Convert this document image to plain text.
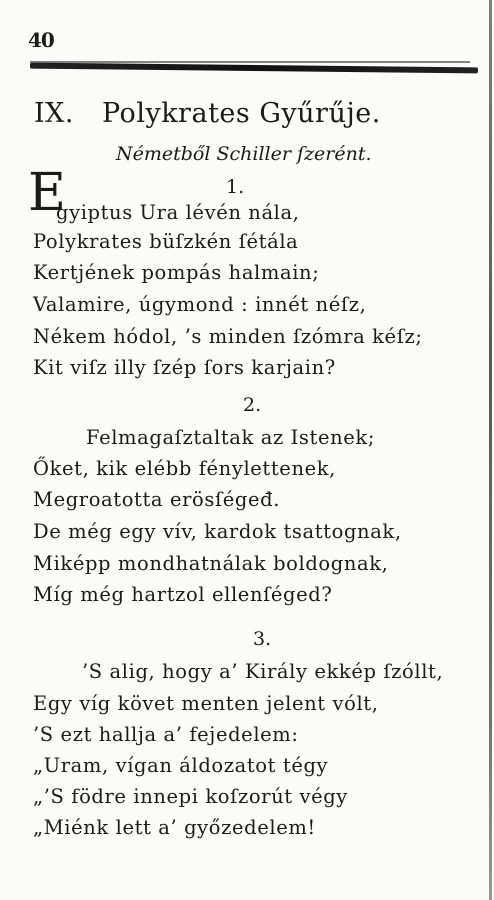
40
IX. Polykrates Gyűrűje.
Németből Schiller ſzerént.
1.
E
gyiptus Ura lévén nála,
Polykrates büſzkén ſétála
Kertjének pompás halmain;
Valamire, úgymond : innét néſz,
Nékem hódol, ’s minden ſzómra kéſz;
Kit viſz illy ſzép ſors karjain?
2.
Felmagaſztaltak az Istenek;
Őket, kik elébb fénylettenek,
Megroatotta erösſégeđ.
De még egy vív, kardok tsattognak,
Miképp mondhatnálak boldognak,
Míg még hartzol ellenſéged?
3.
’S alig, hogy a’ Király ekkép ſzóllt,
Egy víg követ menten jelent vólt,
’S ezt hallja a’ fejedelem:
„Uram, vígan áldozatot tégy
„’S födre innepi koſzorút végy
„Miénk lett a’ győzedelem!
